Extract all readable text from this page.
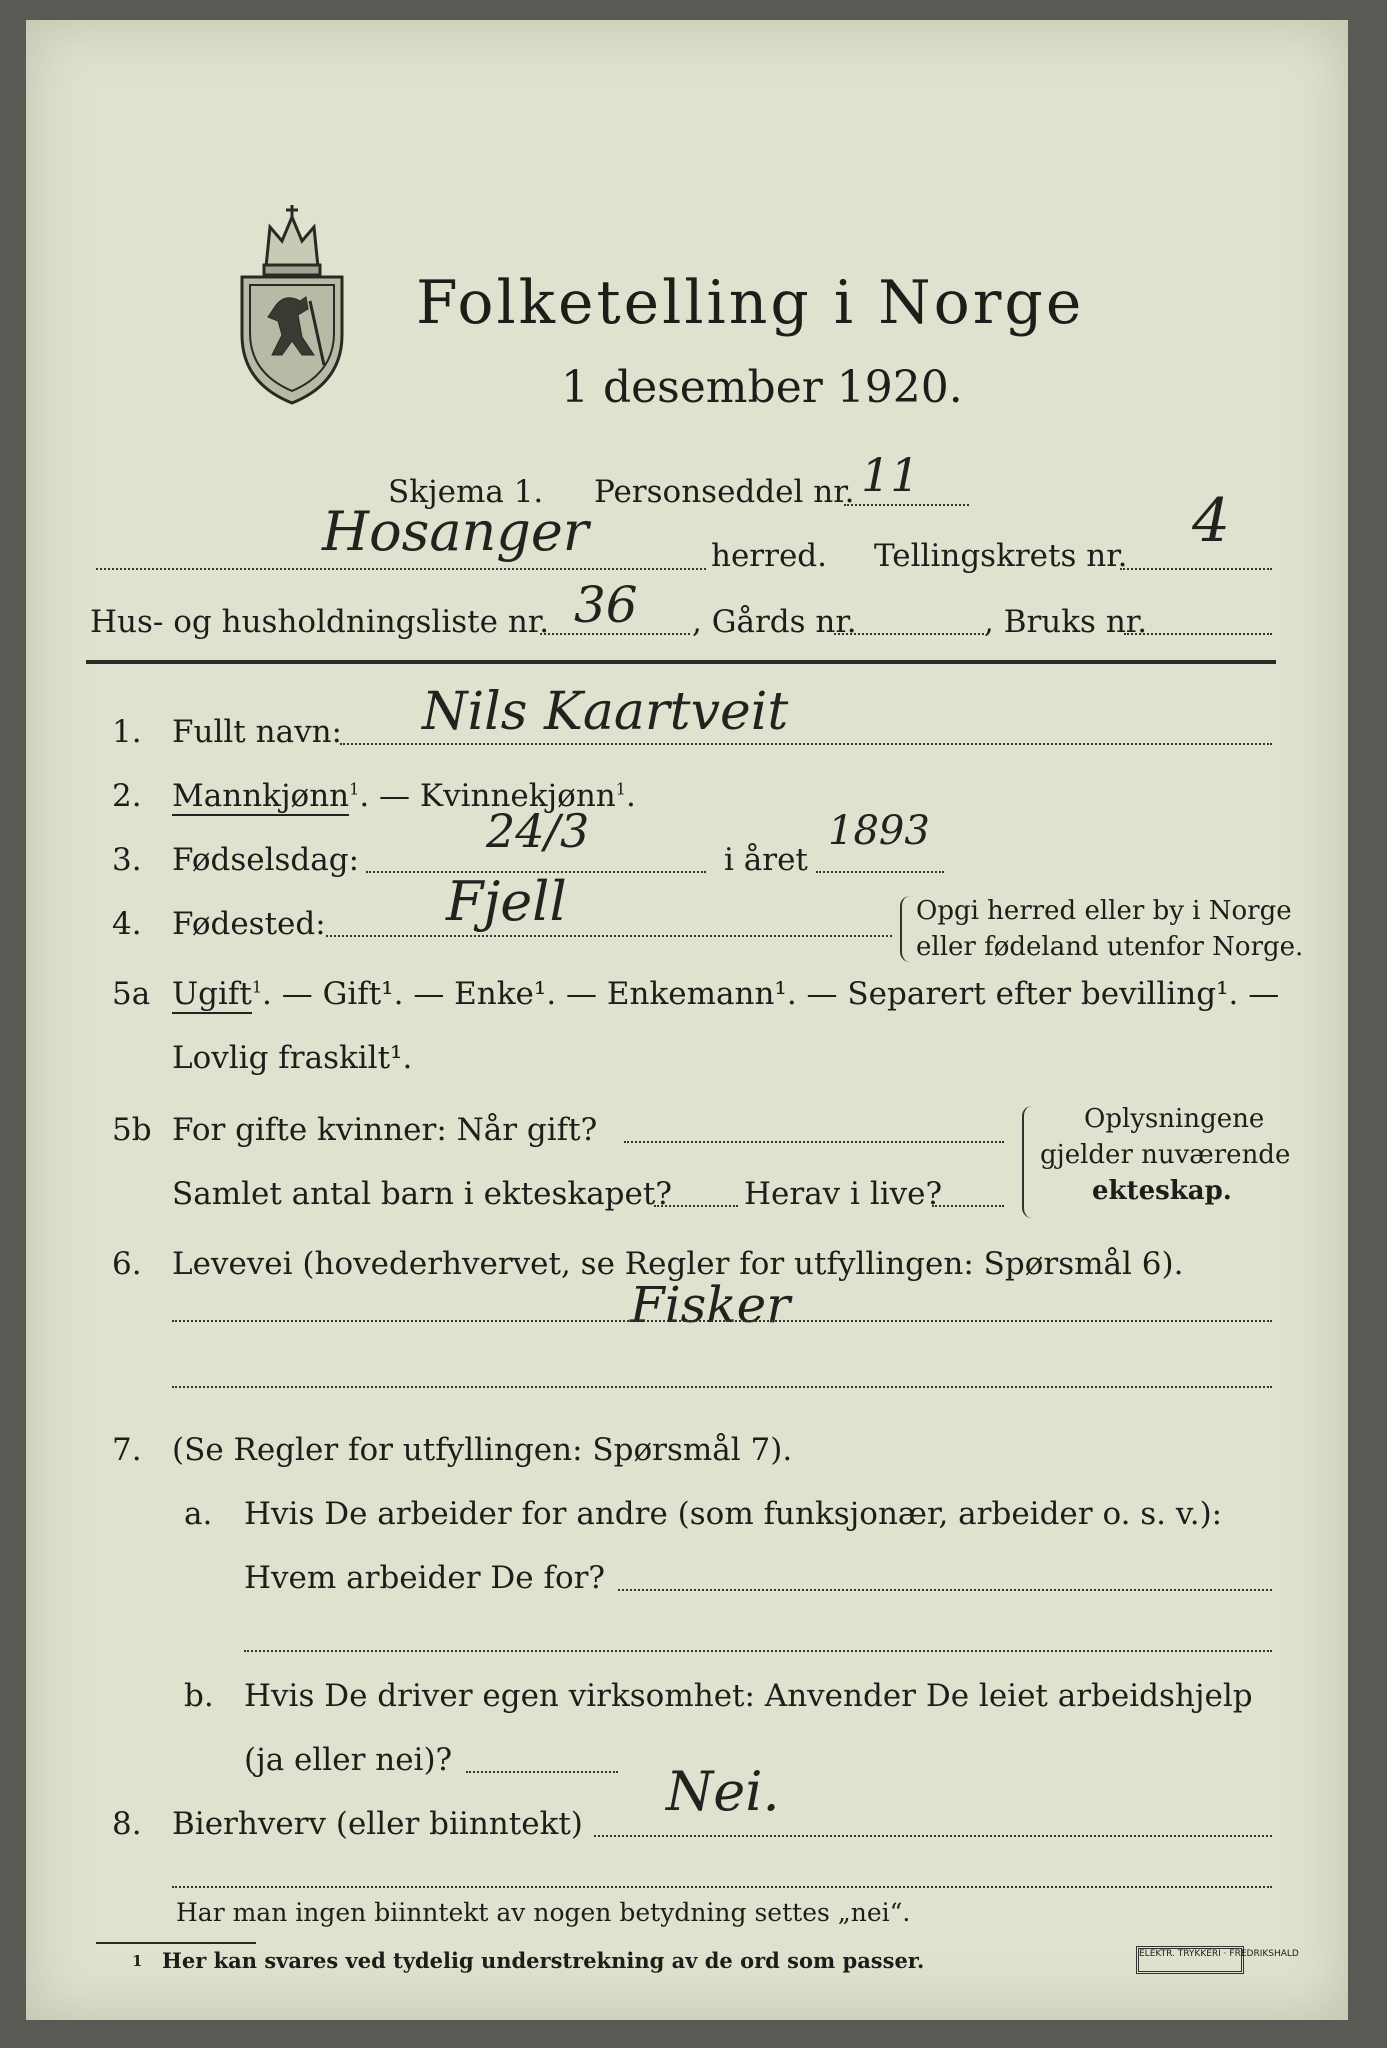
Folketelling i Norge
1 desember 1920.
Skjema 1. Personseddel nr. 11
Hosanger	herred. Tellingskrets nr. 4
Hus- og husholdningsliste nr. 36 , Gårds nr.	, Bruks nr.
1. Fullt navn: Nils Kaartveit
2. Mannkjønn$^1$. — Kvinnekjønn$^1$.
3. Fødselsdag:
24/3
i året
1893
4. Fødested: Fjell	Opgi herred eller by i Norge
eller fødeland utenfor Norge.
5a Ugift$^1$. — Gift¹. — Enke¹. — Enkemann¹. — Separert efter bevilling¹. —
Lovlig fraskilt¹.
5b For gifte kvinner: Når gift?
Samlet antal barn i ekteskapet? Herav i live?
Oplysningene
gjelder nuværende
ekteskap.
6. Levevei (hovederhvervet, se Regler for utfyllingen: Spørsmål 6).
Fisker
7. (Se Regler for utfyllingen: Spørsmål 7).
a. Hvis De arbeider for andre (som funksjonær, arbeider o. s. v.):
Hvem arbeider De for?
b. Hvis De driver egen virksomhet: Anvender De leiet arbeidshjelp
(ja eller nei)?
8. Bierhverv (eller biinntekt)
Nei.
Har man ingen biinntekt av nogen betydning settes „nei“.
1 Her kan svares ved tydelig understrekning av de ord som passer.	ELEKTR. TRYKKERI · FREDRIKSHALD
